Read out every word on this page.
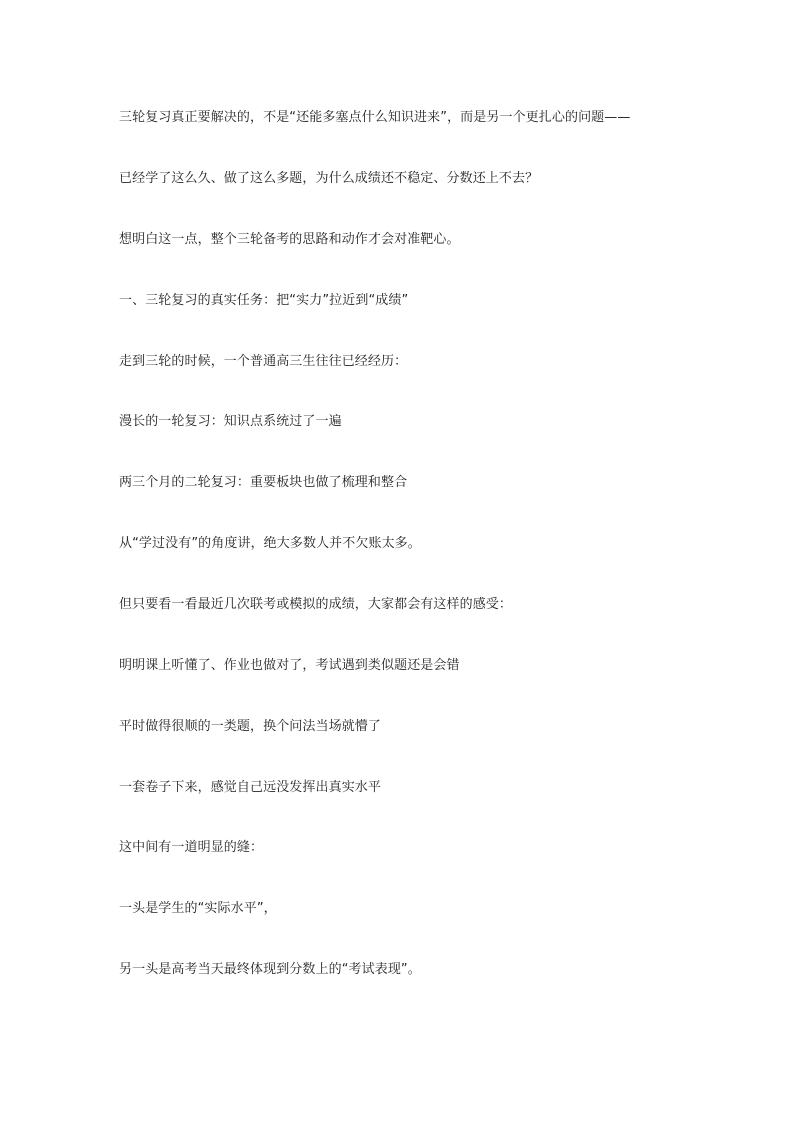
三轮复习真正要解决的，不是“还能多塞点什么知识进来”，而是另一个更扎心的问题——

已经学了这么久、做了这么多题，为什么成绩还不稳定、分数还上不去？

想明白这一点，整个三轮备考的思路和动作才会对准靶心。

一、三轮复习的真实任务：把“实力”拉近到“成绩”

走到三轮的时候，一个普通高三生往往已经经历：

漫长的一轮复习：知识点系统过了一遍

两三个月的二轮复习：重要板块也做了梳理和整合

从“学过没有”的角度讲，绝大多数人并不欠账太多。

但只要看一看最近几次联考或模拟的成绩，大家都会有这样的感受：

明明课上听懂了、作业也做对了，考试遇到类似题还是会错

平时做得很顺的一类题，换个问法当场就懵了

一套卷子下来，感觉自己远没发挥出真实水平

这中间有一道明显的缝：

一头是学生的“实际水平”，

另一头是高考当天最终体现到分数上的“考试表现”。
